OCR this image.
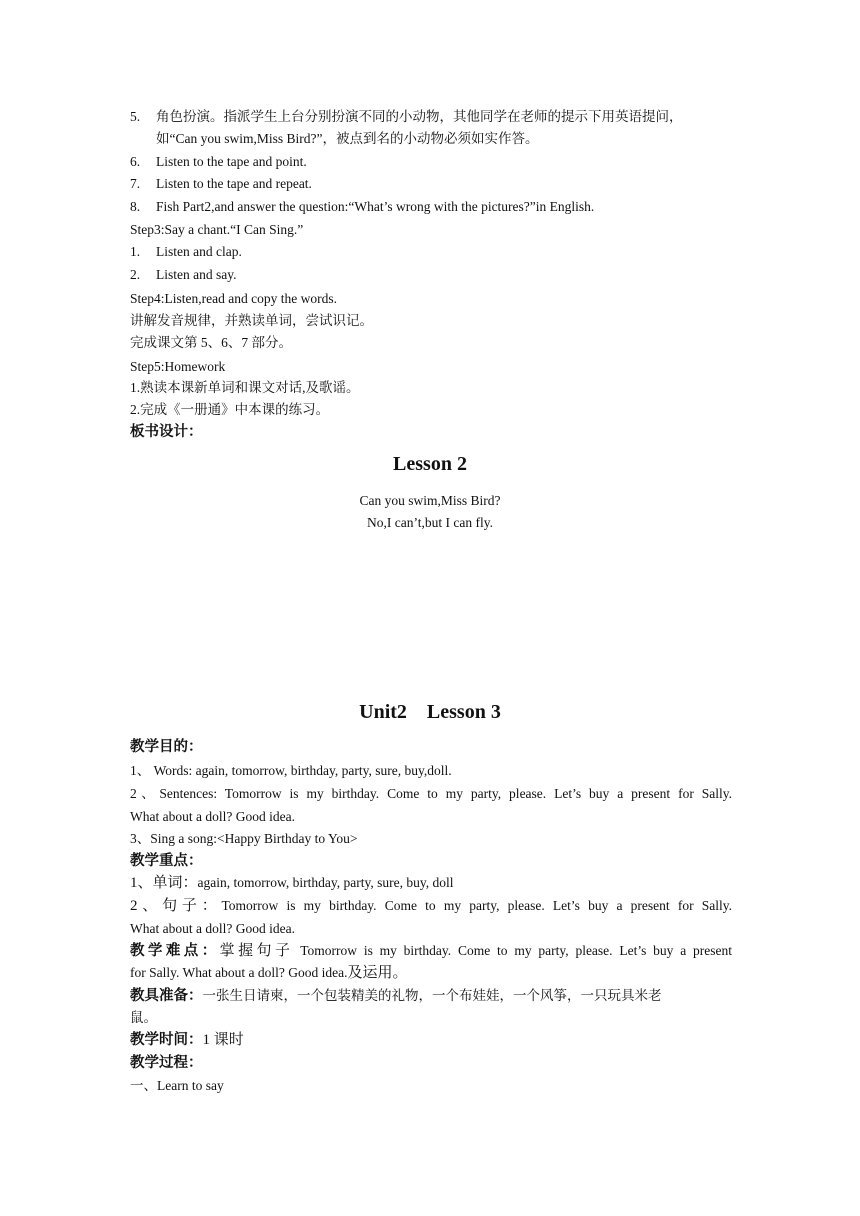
5. 角色扮演。指派学生上台分别扮演不同的小动物，其他同学在老师的提示下用英语提问，
如“Can you swim,Miss Bird?”，被点到名的小动物必须如实作答。
6. Listen to the tape and point.
7. Listen to the tape and repeat.
8. Fish Part2,and answer the question:“What’s wrong with the pictures?”in English.
Step3:Say a chant.“I Can Sing.”
1. Listen and clap.
2. Listen and say.
Step4:Listen,read and copy the words.
讲解发音规律，并熟读单词，尝试识记。
完成课文第 5、6、7 部分。
Step5:Homework
1.熟读本课新单词和课文对话,及歌谣。
2.完成《一册通》中本课的练习。
板书设计：
Lesson 2
Can you swim,Miss Bird?
No,I can’t,but I can fly.
Unit2    Lesson 3
教学目的：
1、 Words: again, tomorrow, birthday, party, sure, buy,doll.
2、Sentences: Tomorrow is my birthday. Come to my party, please. Let’s buy a present for Sally.
What about a doll? Good idea.
3、Sing a song:<Happy Birthday to You>
教学重点：
1、单词：again, tomorrow, birthday, party, sure, buy, doll
2、句子：Tomorrow is my birthday. Come to my party, please. Let’s buy a present for Sally.
What about a doll? Good idea.
教学难点：掌握句子 Tomorrow is my birthday. Come to my party, please. Let’s buy a present
for Sally. What about a doll? Good idea.及运用。
教具准备：一张生日请柬，一个包装精美的礼物，一个布娃娃，一个风筝，一只玩具米老
鼠。
教学时间：1 课时
教学过程：
一、Learn to say
